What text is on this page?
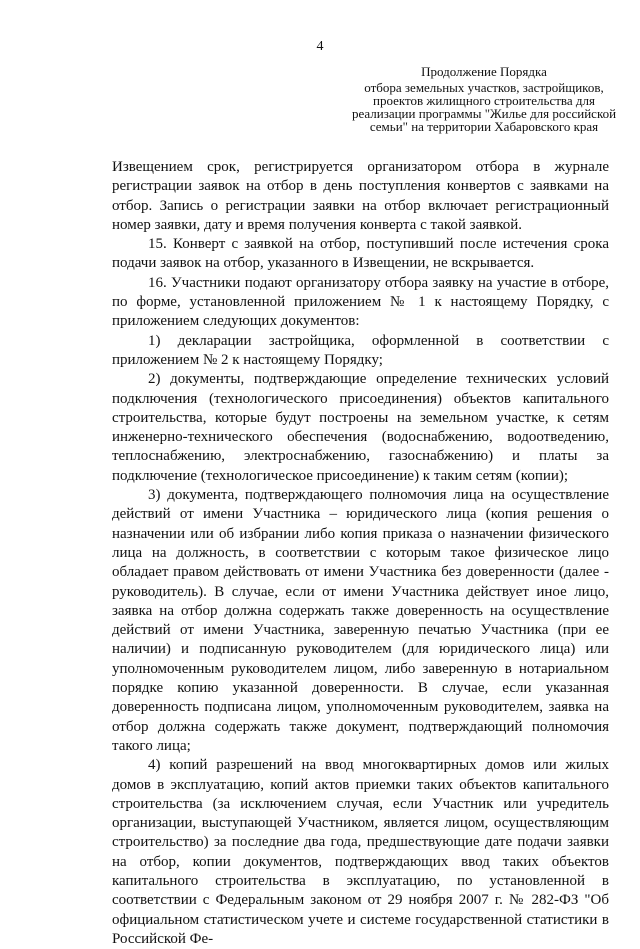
4
Продолжение Порядка
отбора земельных участков, застройщиков, проектов жилищного строительства для реализации программы "Жилье для российской семьи" на территории Хабаровского края

Извещением срок, регистрируется организатором отбора в журнале регистрации заявок на отбор в день поступления конвертов с заявками на отбор. Запись о регистрации заявки на отбор включает регистрационный номер заявки, дату и время получения конверта с такой заявкой.

15. Конверт с заявкой на отбор, поступивший после истечения срока подачи заявок на отбор, указанного в Извещении, не вскрывается.

16. Участники подают организатору отбора заявку на участие в отборе, по форме, установленной приложением № 1 к настоящему Порядку, с приложением следующих документов:

1) декларации застройщика, оформленной в соответствии с приложением № 2 к настоящему Порядку;

2) документы, подтверждающие определение технических условий подключения (технологического присоединения) объектов капитального строительства, которые будут построены на земельном участке, к сетям инженерно-технического обеспечения (водоснабжению, водоотведению, теплоснабжению, электроснабжению, газоснабжению) и платы за подключение (технологическое присоединение) к таким сетям (копии);

3) документа, подтверждающего полномочия лица на осуществление действий от имени Участника – юридического лица (копия решения о назначении или об избрании либо копия приказа о назначении физического лица на должность, в соответствии с которым такое физическое лицо обладает правом действовать от имени Участника без доверенности (далее - руководитель). В случае, если от имени Участника действует иное лицо, заявка на отбор должна содержать также доверенность на осуществление действий от имени Участника, заверенную печатью Участника (при ее наличии) и подписанную руководителем (для юридического лица) или уполномоченным руководителем лицом, либо заверенную в нотариальном порядке копию указанной доверенности. В случае, если указанная доверенность подписана лицом, уполномоченным руководителем, заявка на отбор должна содержать также документ, подтверждающий полномочия такого лица;

4) копий разрешений на ввод многоквартирных домов или жилых домов в эксплуатацию, копий актов приемки таких объектов капитального строительства (за исключением случая, если Участник или учредитель организации, выступающей Участником, является лицом, осуществляющим строительство) за последние два года, предшествующие дате подачи заявки на отбор, копии документов, подтверждающих ввод таких объектов капитального строительства в эксплуатацию, по установленной в соответствии с Федеральным законом от 29 ноября 2007 г. № 282-ФЗ "Об официальном статистическом учете и системе государственной статистики в Российской Фе-
